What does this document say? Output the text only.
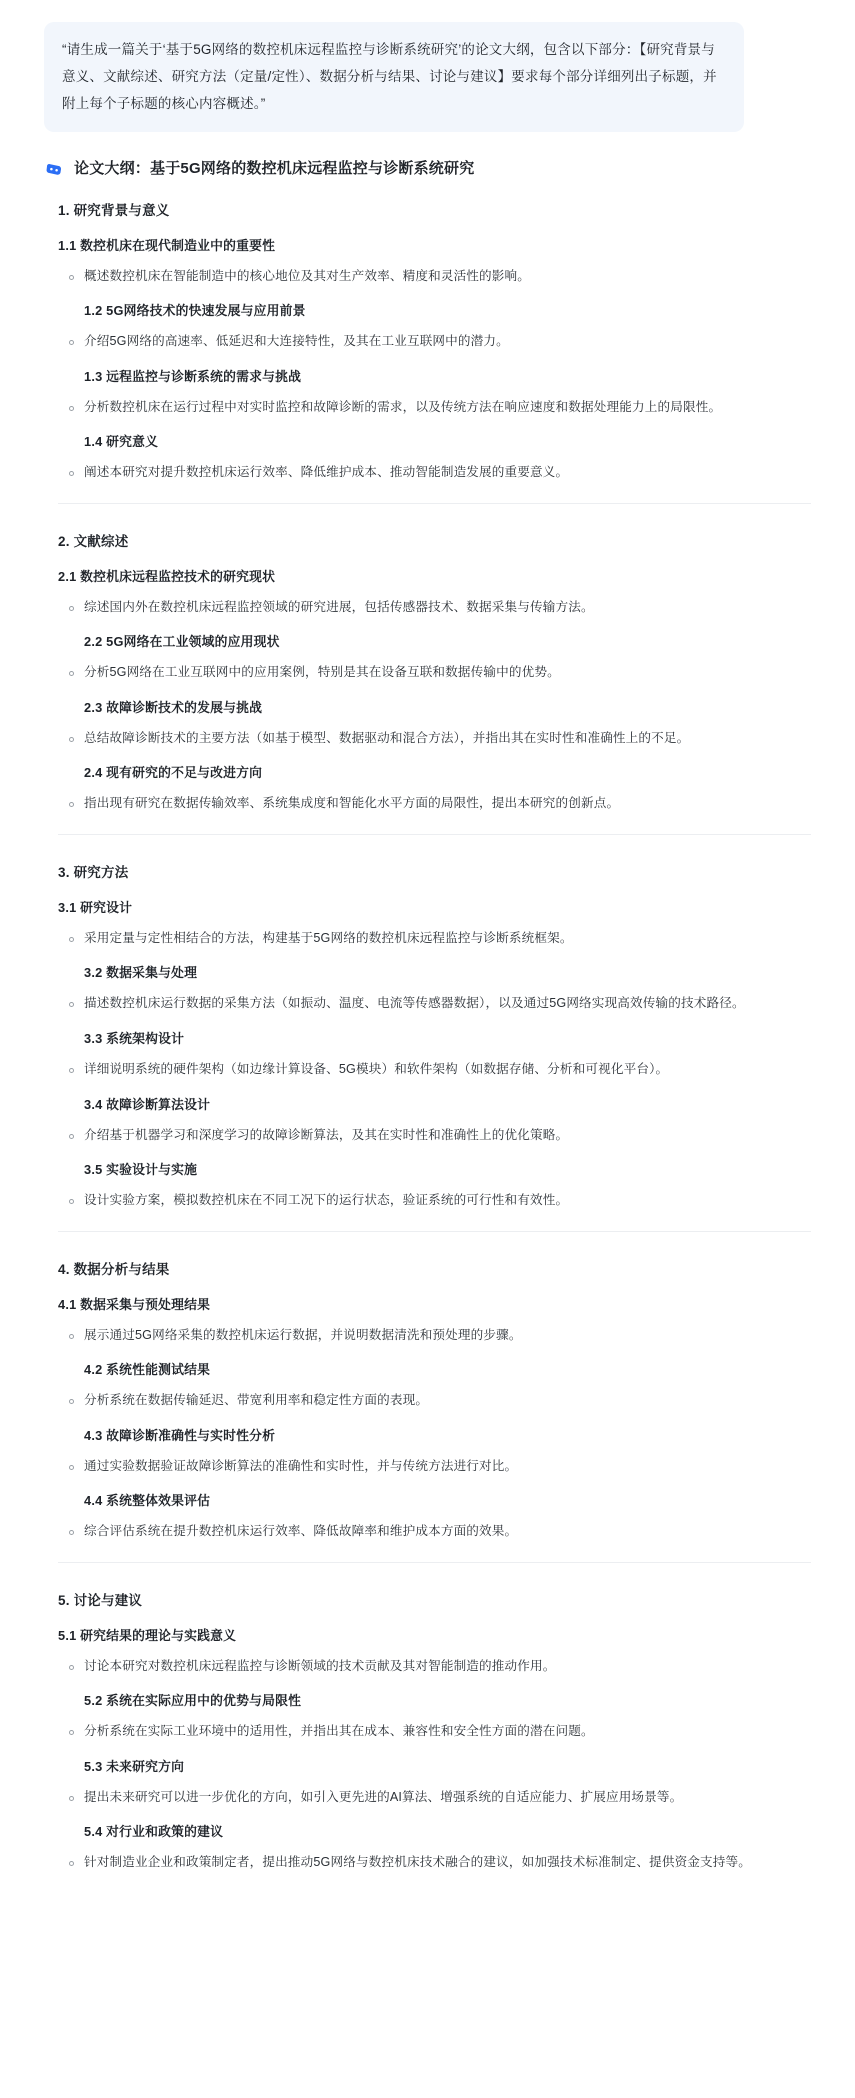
“请生成一篇关于‘基于5G网络的数控机床远程监控与诊断系统研究’的论文大纲，包含以下部分：【研究背景与意义、文献综述、研究方法（定量/定性）、数据分析与结果、讨论与建议】要求每个部分详细列出子标题，并附上每个子标题的核心内容概述。”
论文大纲：基于5G网络的数控机床远程监控与诊断系统研究
1. 研究背景与意义
1.1 数控机床在现代制造业中的重要性
概述数控机床在智能制造中的核心地位及其对生产效率、精度和灵活性的影响。
1.2 5G网络技术的快速发展与应用前景
介绍5G网络的高速率、低延迟和大连接特性，及其在工业互联网中的潜力。
1.3 远程监控与诊断系统的需求与挑战
分析数控机床在运行过程中对实时监控和故障诊断的需求，以及传统方法在响应速度和数据处理能力上的局限性。
1.4 研究意义
阐述本研究对提升数控机床运行效率、降低维护成本、推动智能制造发展的重要意义。
2. 文献综述
2.1 数控机床远程监控技术的研究现状
综述国内外在数控机床远程监控领域的研究进展，包括传感器技术、数据采集与传输方法。
2.2 5G网络在工业领域的应用现状
分析5G网络在工业互联网中的应用案例，特别是其在设备互联和数据传输中的优势。
2.3 故障诊断技术的发展与挑战
总结故障诊断技术的主要方法（如基于模型、数据驱动和混合方法），并指出其在实时性和准确性上的不足。
2.4 现有研究的不足与改进方向
指出现有研究在数据传输效率、系统集成度和智能化水平方面的局限性，提出本研究的创新点。
3. 研究方法
3.1 研究设计
采用定量与定性相结合的方法，构建基于5G网络的数控机床远程监控与诊断系统框架。
3.2 数据采集与处理
描述数控机床运行数据的采集方法（如振动、温度、电流等传感器数据），以及通过5G网络实现高效传输的技术路径。
3.3 系统架构设计
详细说明系统的硬件架构（如边缘计算设备、5G模块）和软件架构（如数据存储、分析和可视化平台）。
3.4 故障诊断算法设计
介绍基于机器学习和深度学习的故障诊断算法，及其在实时性和准确性上的优化策略。
3.5 实验设计与实施
设计实验方案，模拟数控机床在不同工况下的运行状态，验证系统的可行性和有效性。
4. 数据分析与结果
4.1 数据采集与预处理结果
展示通过5G网络采集的数控机床运行数据，并说明数据清洗和预处理的步骤。
4.2 系统性能测试结果
分析系统在数据传输延迟、带宽利用率和稳定性方面的表现。
4.3 故障诊断准确性与实时性分析
通过实验数据验证故障诊断算法的准确性和实时性，并与传统方法进行对比。
4.4 系统整体效果评估
综合评估系统在提升数控机床运行效率、降低故障率和维护成本方面的效果。
5. 讨论与建议
5.1 研究结果的理论与实践意义
讨论本研究对数控机床远程监控与诊断领域的技术贡献及其对智能制造的推动作用。
5.2 系统在实际应用中的优势与局限性
分析系统在实际工业环境中的适用性，并指出其在成本、兼容性和安全性方面的潜在问题。
5.3 未来研究方向
提出未来研究可以进一步优化的方向，如引入更先进的AI算法、增强系统的自适应能力、扩展应用场景等。
5.4 对行业和政策的建议
针对制造业企业和政策制定者，提出推动5G网络与数控机床技术融合的建议，如加强技术标准制定、提供资金支持等。
